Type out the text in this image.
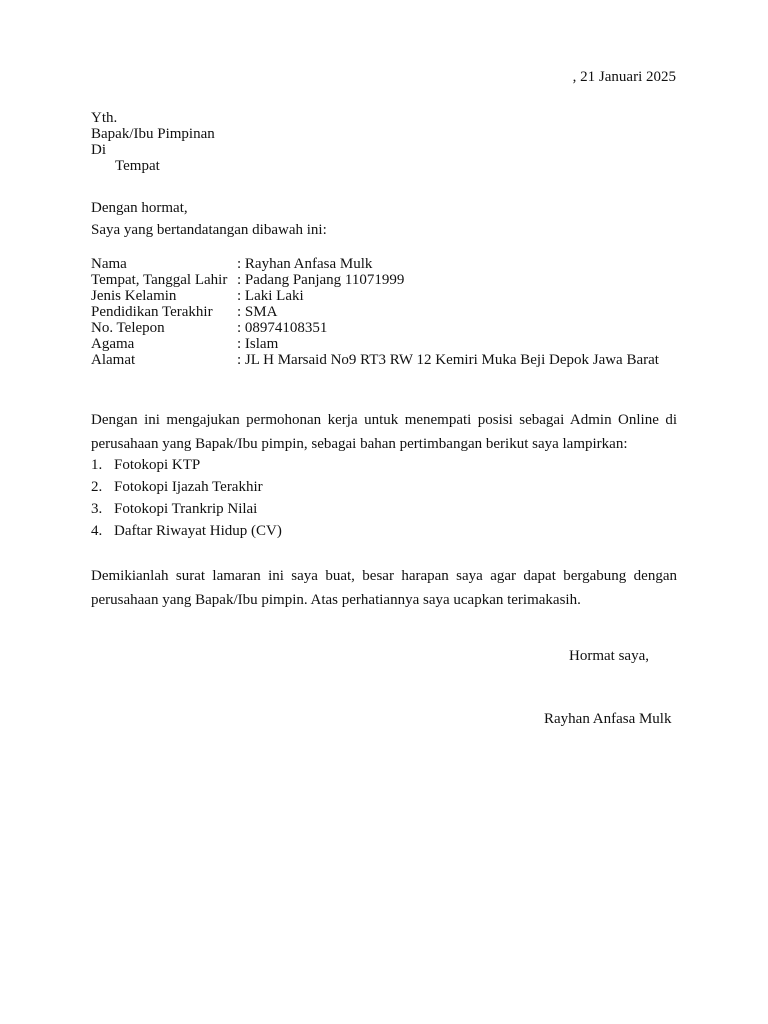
, 21 Januari 2025
Yth.
Bapak/Ibu Pimpinan
Di
Tempat
Dengan hormat,
Saya yang bertandatangan dibawah ini:
Nama	: Rayhan Anfasa Mulk
Tempat, Tanggal Lahir : Padang Panjang 11071999
Jenis Kelamin	: Laki Laki
Pendidikan Terakhir : SMA
No. Telepon	: 08974108351
Agama	: Islam
Alamat	: JL H Marsaid No9 RT3 RW 12 Kemiri Muka Beji Depok Jawa Barat
Dengan ini mengajukan permohonan kerja untuk menempati posisi sebagai Admin Online di perusahaan yang Bapak/Ibu pimpin, sebagai bahan pertimbangan berikut saya lampirkan:
1. Fotokopi KTP
2. Fotokopi Ijazah Terakhir
3. Fotokopi Trankrip Nilai
4. Daftar Riwayat Hidup (CV)
Demikianlah surat lamaran ini saya buat, besar harapan saya agar dapat bergabung dengan perusahaan yang Bapak/Ibu pimpin. Atas perhatiannya saya ucapkan terimakasih.
Hormat saya,
Rayhan Anfasa Mulk
